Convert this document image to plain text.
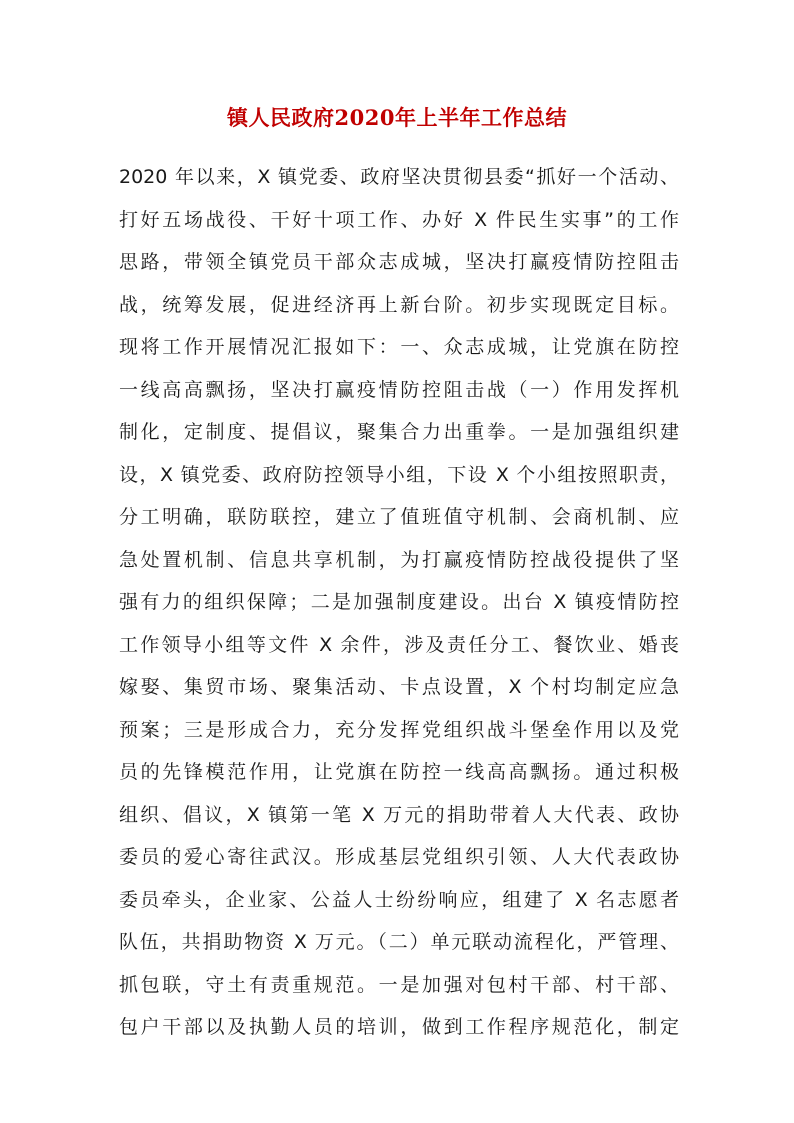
镇人民政府2020年上半年工作总结
2020 年以来，X 镇党委、政府坚决贯彻县委“抓好一个活动、
打好五场战役、干好十项工作、办好 X 件民生实事”的工作
思路，带领全镇党员干部众志成城，坚决打赢疫情防控阻击
战，统筹发展，促进经济再上新台阶。初步实现既定目标。
现将工作开展情况汇报如下：一、众志成城，让党旗在防控
一线高高飘扬，坚决打赢疫情防控阻击战（一）作用发挥机
制化，定制度、提倡议，聚集合力出重拳。一是加强组织建
设，X 镇党委、政府防控领导小组，下设 X 个小组按照职责，
分工明确，联防联控，建立了值班值守机制、会商机制、应
急处置机制、信息共享机制，为打赢疫情防控战役提供了坚
强有力的组织保障；二是加强制度建设。出台 X 镇疫情防控
工作领导小组等文件 X 余件，涉及责任分工、餐饮业、婚丧
嫁娶、集贸市场、聚集活动、卡点设置，X 个村均制定应急
预案；三是形成合力，充分发挥党组织战斗堡垒作用以及党
员的先锋模范作用，让党旗在防控一线高高飘扬。通过积极
组织、倡议，X 镇第一笔 X 万元的捐助带着人大代表、政协
委员的爱心寄往武汉。形成基层党组织引领、人大代表政协
委员牵头，企业家、公益人士纷纷响应，组建了 X 名志愿者
队伍，共捐助物资 X 万元。（二）单元联动流程化，严管理、
抓包联，守土有责重规范。一是加强对包村干部、村干部、
包户干部以及执勤人员的培训，做到工作程序规范化，制定
